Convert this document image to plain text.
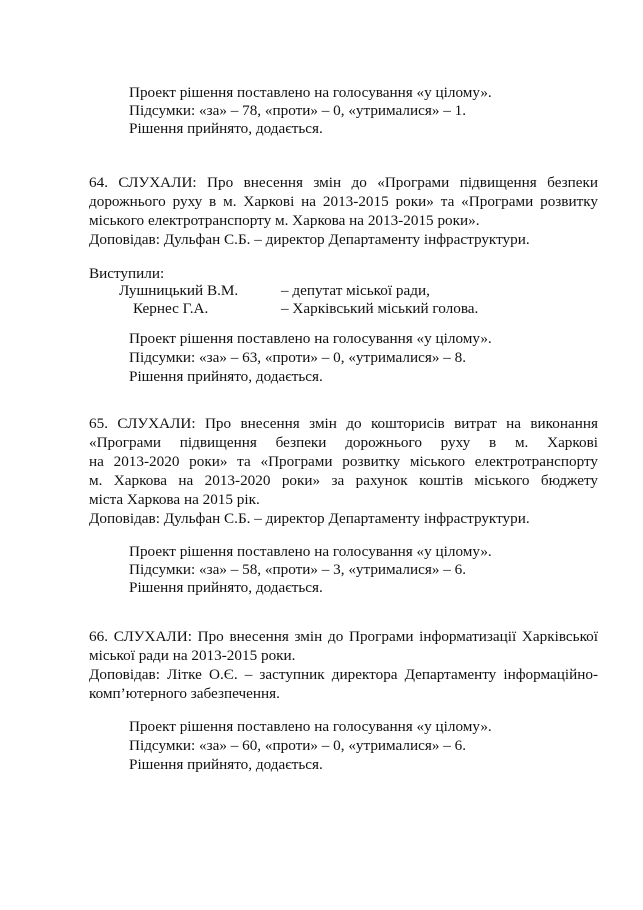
Проект рішення поставлено на голосування «у цілому».
Підсумки: «за» – 78, «проти» – 0, «утрималися» – 1.
Рішення прийнято, додається.
64. СЛУХАЛИ: Про внесення змін до «Програми підвищення безпеки
дорожнього руху в м. Харкові на 2013-2015 роки» та «Програми розвитку
міського електротранспорту м. Харкова на 2013-2015 роки».
Доповідав: Дульфан С.Б. – директор Департаменту інфраструктури.
Виступили:
Лушницький В.М.	– депутат міської ради,
Кернес Г.А.	– Харківський міський голова.
Проект рішення поставлено на голосування «у цілому».
Підсумки: «за» – 63, «проти» – 0, «утрималися» – 8.
Рішення прийнято, додається.
65. СЛУХАЛИ: Про внесення змін до кошторисів витрат на виконання
«Програми підвищення безпеки дорожнього руху в м. Харкові
на 2013-2020 роки» та «Програми розвитку міського електротранспорту
м. Харкова на 2013-2020 роки» за рахунок коштів міського бюджету
міста Харкова на 2015 рік.
Доповідав: Дульфан С.Б. – директор Департаменту інфраструктури.
Проект рішення поставлено на голосування «у цілому».
Підсумки: «за» – 58, «проти» – 3, «утрималися» – 6.
Рішення прийнято, додається.
66. СЛУХАЛИ: Про внесення змін до Програми інформатизації Харківської
міської ради на 2013-2015 роки.
Доповідав: Літке О.Є. – заступник директора Департаменту інформаційно-
комп’ютерного забезпечення.
Проект рішення поставлено на голосування «у цілому».
Підсумки: «за» – 60, «проти» – 0, «утрималися» – 6.
Рішення прийнято, додається.
